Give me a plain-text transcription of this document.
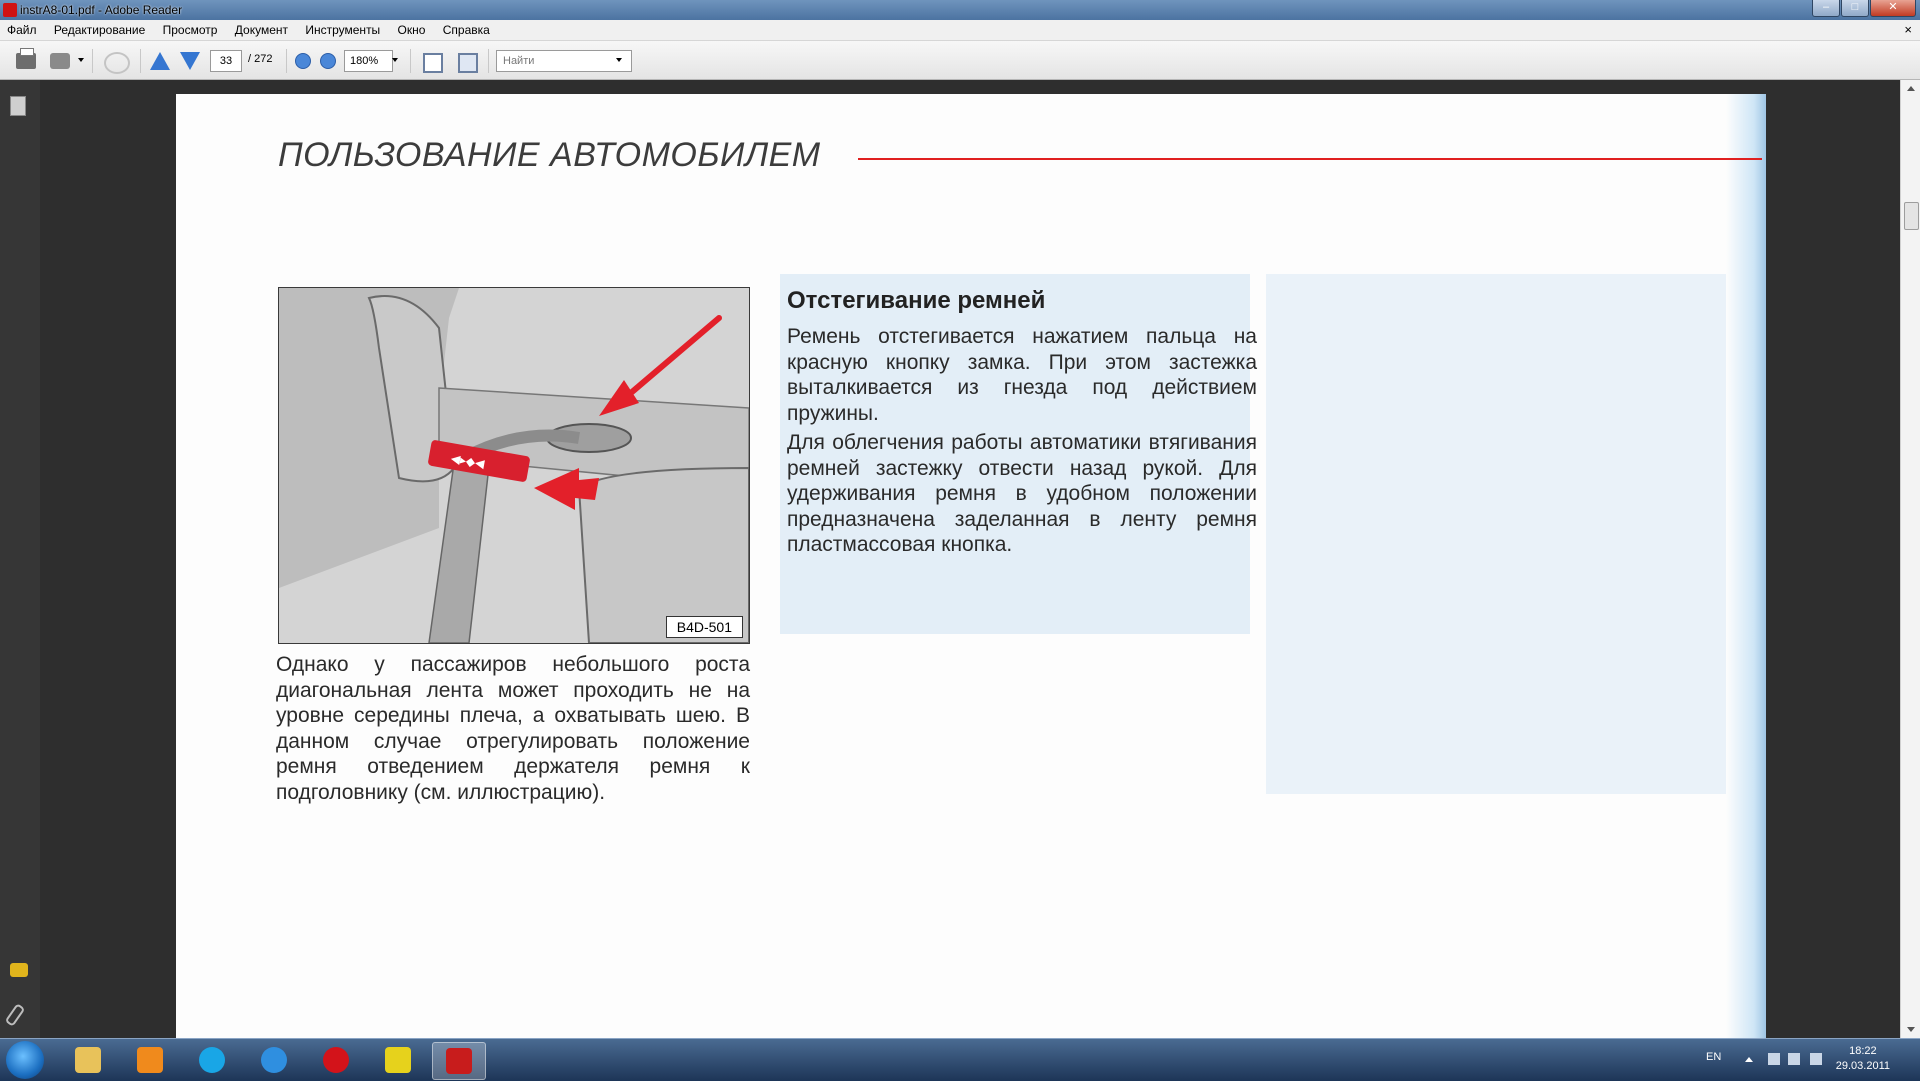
instrA8-01.pdf - Adobe Reader	–	□	✕
Файл Редактирование Просмотр Документ Инструменты Окно Справка	×
33	/ 272	180%	Найти
ПОЛЬЗОВАНИЕ АВТОМОБИЛЕМ
◀▸◆◀
B4D-501
Однако у пассажиров небольшого роста диагональная лента может проходить не на уровне середины плеча, а охватывать шею. В данном случае отрегулировать положение ремня отведением держателя ремня к подголовнику (см. иллюстрацию).
Отстегивание ремней
Ремень отстегивается нажатием пальца на красную кнопку замка. При этом застежка выталкивается из гнезда под действием пружины.
Для облегчения работы автоматики втягивания ремней застежку отвести назад рукой. Для удерживания ремня в удобном положении предназначена заделанная в ленту ремня пластмассовая кнопка.
EN	18:22
29.03.2011
